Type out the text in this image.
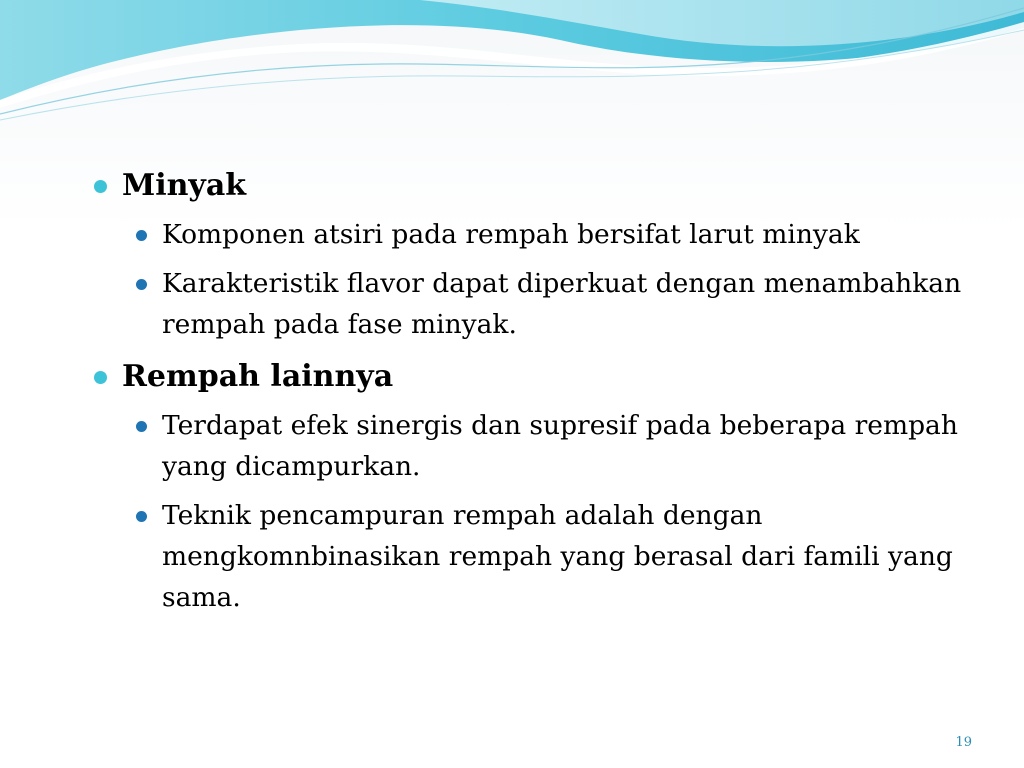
Minyak
Komponen atsiri pada rempah bersifat larut minyak
Karakteristik flavor dapat diperkuat dengan menambahkan rempah pada fase minyak.
Rempah lainnya
Terdapat efek sinergis dan supresif pada beberapa rempah yang dicampurkan.
Teknik pencampuran rempah adalah dengan mengkomnbinasikan rempah yang berasal dari famili yang sama.
19
